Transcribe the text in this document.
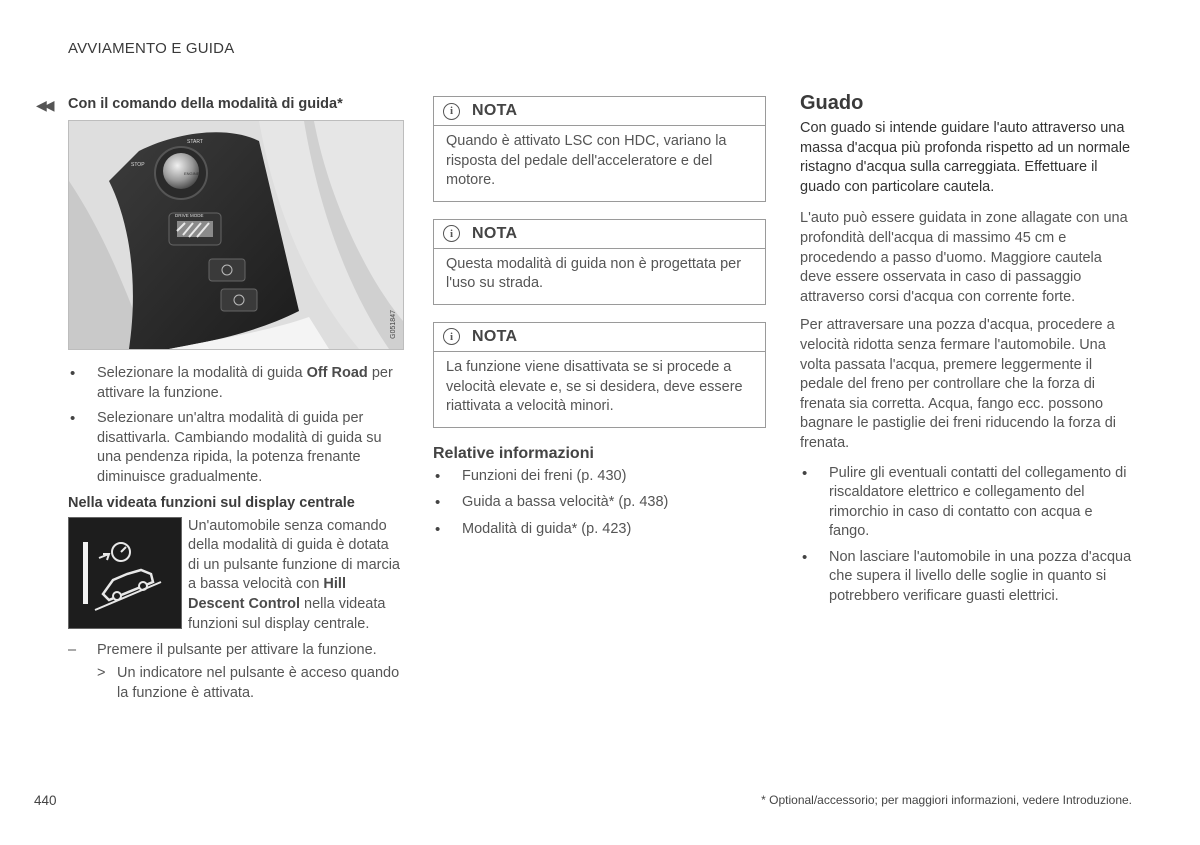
AVVIAMENTO E GUIDA
◀◀ Con il comando della modalità di guida*
STOP
START
ENGINE
DRIVE MODE
G051847
• Selezionare la modalità di guida Off Road per attivare la funzione.
• Selezionare un'altra modalità di guida per disattivarla. Cambiando modalità di guida su una pendenza ripida, la potenza frenante diminuisce gradualmente.
Nella videata funzioni sul display centrale
Un'automobile senza comando della modalità di guida è dotata di un pulsante funzione di marcia a bassa velocità con Hill Descent Control nella videata funzioni sul display centrale.
– Premere il pulsante per attivare la funzione.
> Un indicatore nel pulsante è acceso quando la funzione è attivata.
i	NOTA
Quando è attivato LSC con HDC, variano la risposta del pedale dell'acceleratore e del motore.
i	NOTA
Questa modalità di guida non è progettata per l'uso su strada.
i	NOTA
La funzione viene disattivata se si procede a velocità elevate e, se si desidera, deve essere riattivata a velocità minori.
Relative informazioni
• Funzioni dei freni (p. 430)
• Guida a bassa velocità* (p. 438)
• Modalità di guida* (p. 423)
Guado

Con guado si intende guidare l'auto attraverso una massa d'acqua più profonda rispetto ad un normale ristagno d'acqua sulla carreggiata. Effettuare il guado con particolare cautela.

L'auto può essere guidata in zone allagate con una profondità dell'acqua di massimo 45 cm e procedendo a passo d'uomo. Maggiore cautela deve essere osservata in caso di passaggio attraverso corsi d'acqua con corrente forte.

Per attraversare una pozza d'acqua, procedere a velocità ridotta senza fermare l'automobile. Una volta passata l'acqua, premere leggermente il pedale del freno per controllare che la forza di frenata sia corretta. Acqua, fango ecc. possono bagnare le pastiglie dei freni riducendo la forza di frenata.

• Pulire gli eventuali contatti del collegamento di riscaldatore elettrico e collegamento del rimorchio in caso di contatto con acqua e fango.
• Non lasciare l'automobile in una pozza d'acqua che supera il livello delle soglie in quanto si potrebbero verificare guasti elettrici.
440	* Optional/accessorio; per maggiori informazioni, vedere Introduzione.
